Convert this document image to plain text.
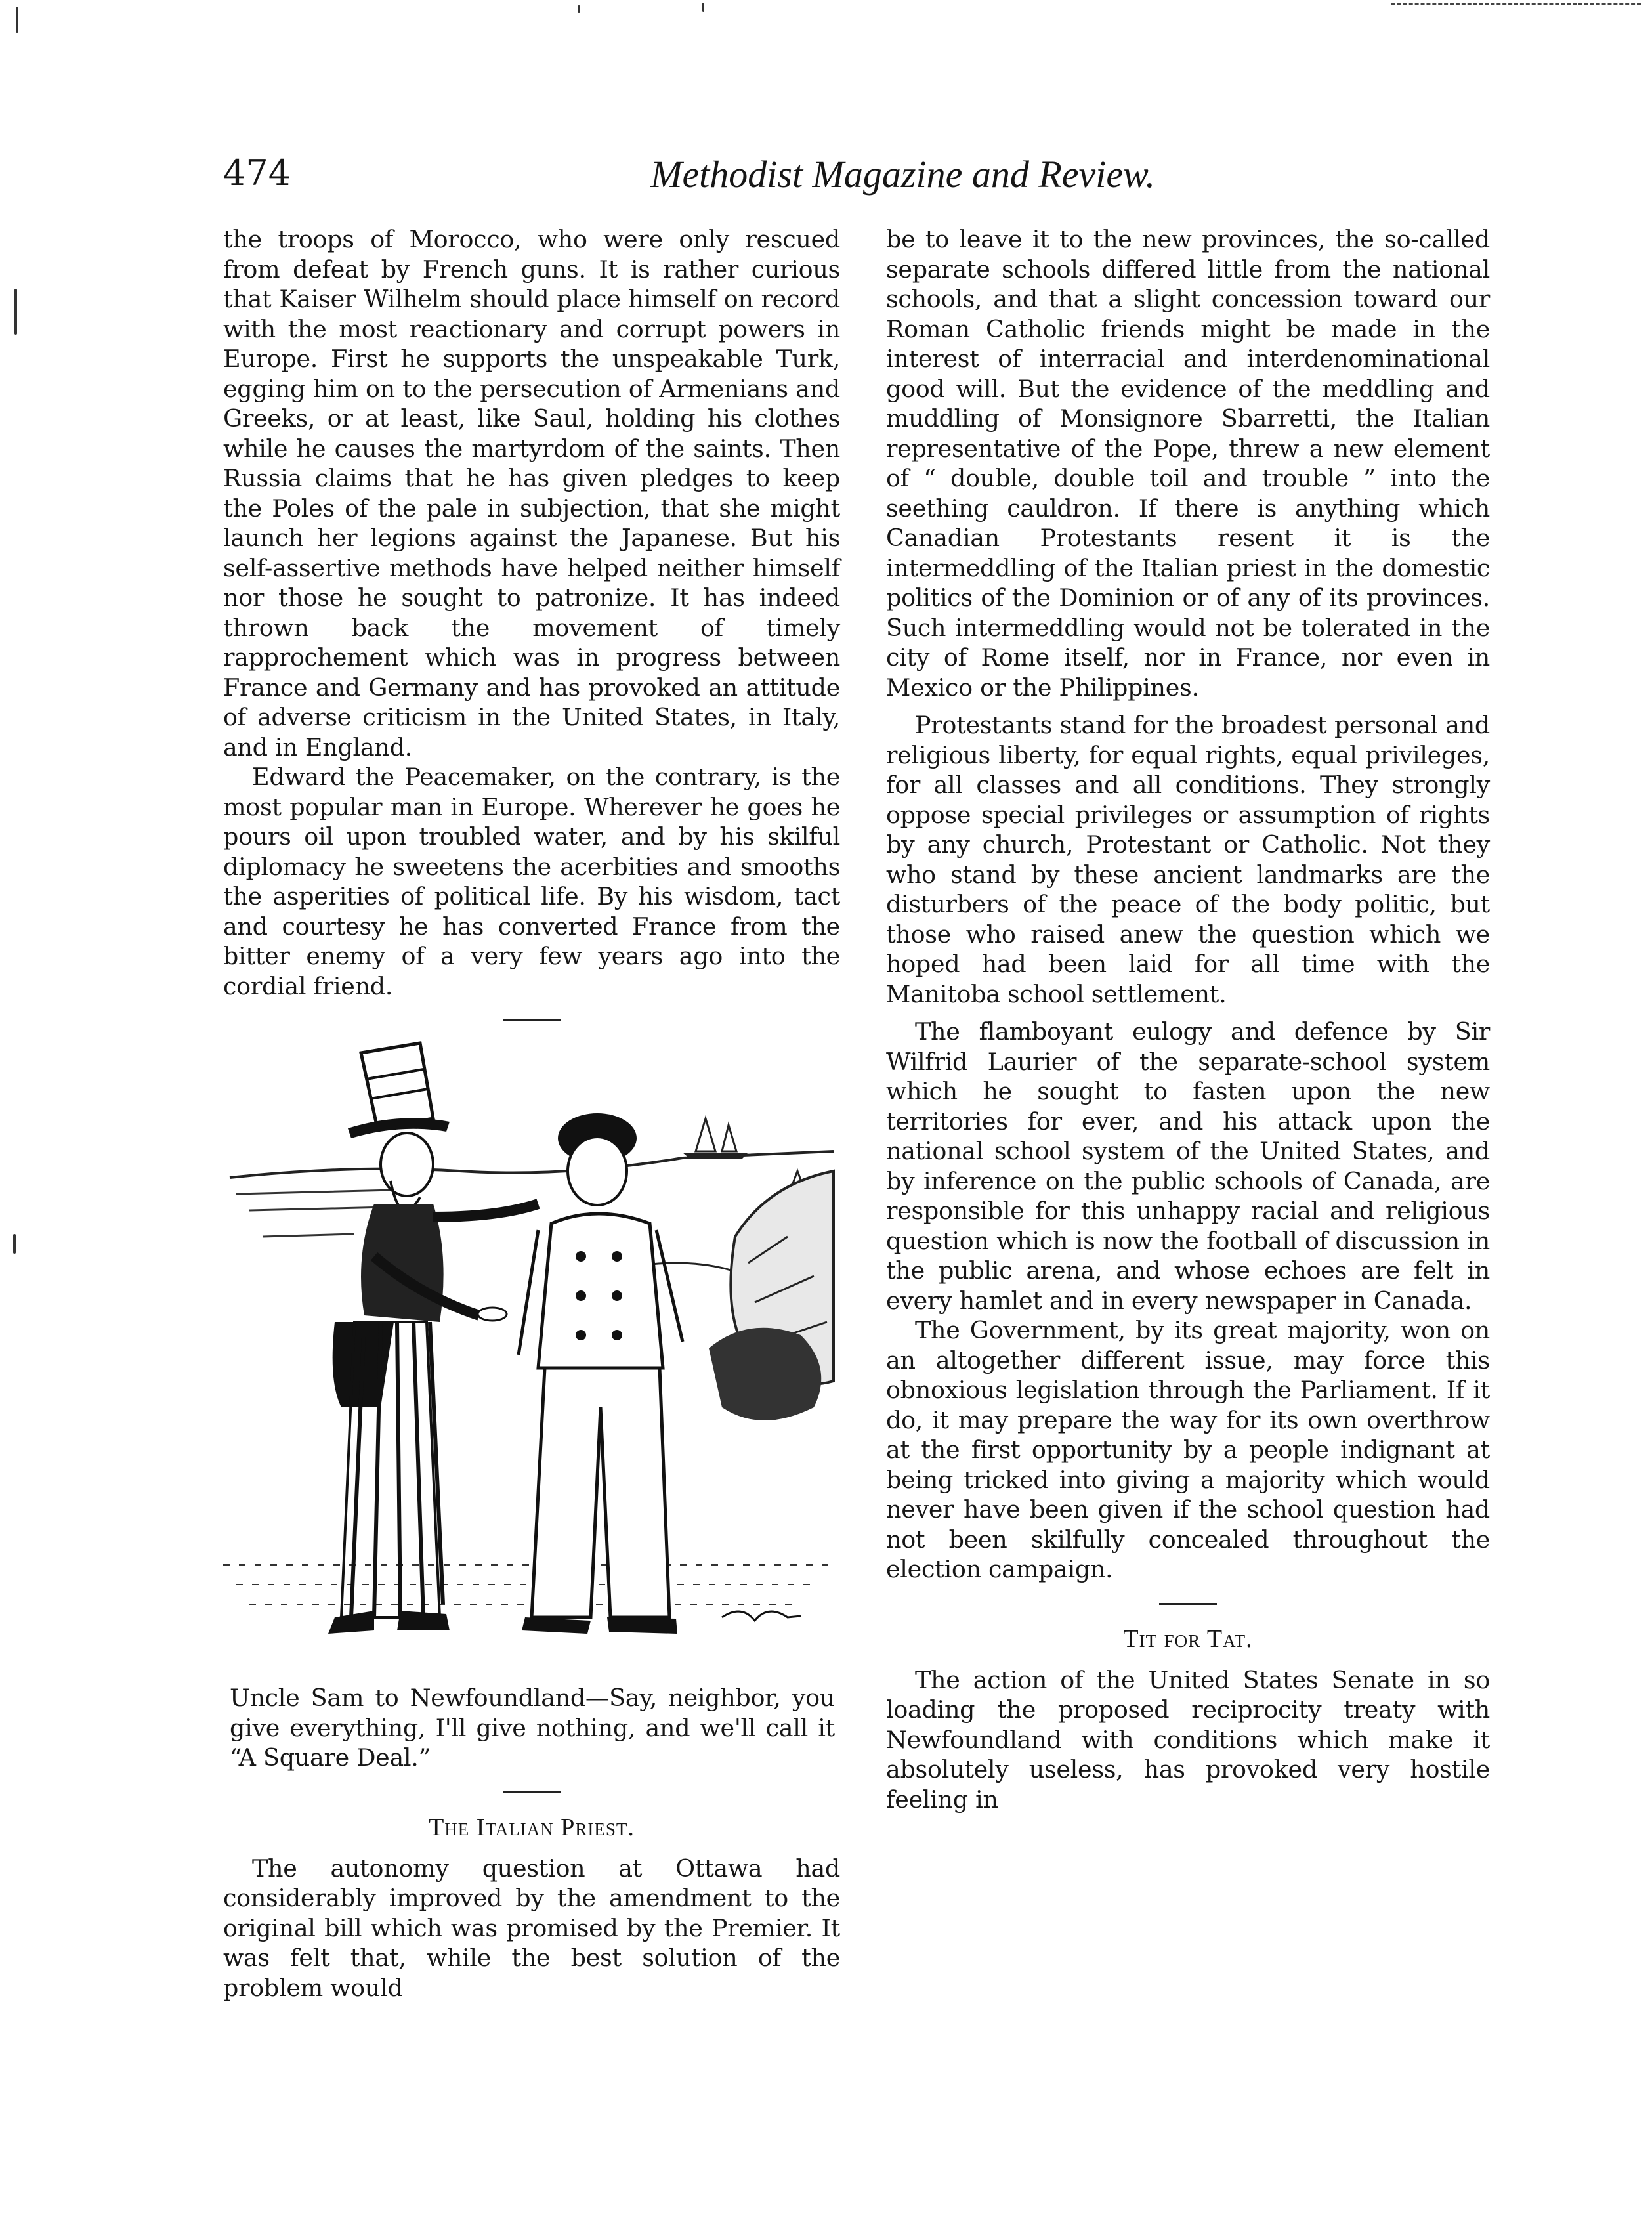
474	Methodist Magazine and Review.

the troops of Morocco, who were only rescued from defeat by French guns. It is rather curious that Kaiser Wilhelm should place himself on record with the most reactionary and corrupt powers in Europe. First he supports the unspeakable Turk, egging him on to the persecution of Armenians and Greeks, or at least, like Saul, holding his clothes while he causes the martyrdom of the saints. Then Russia claims that he has given pledges to keep the Poles of the pale in subjection, that she might launch her legions against the Japanese. But his self-assertive methods have helped neither himself nor those he sought to patronize. It has indeed thrown back the movement of timely rapprochement which was in progress between France and Germany and has provoked an attitude of adverse criticism in the United States, in Italy, and in England.

Edward the Peacemaker, on the contrary, is the most popular man in Europe. Wherever he goes he pours oil upon troubled water, and by his skilful diplomacy he sweetens the acerbities and smooths the asperities of political life. By his wisdom, tact and courtesy he has converted France from the bitter enemy of a very few years ago into the cordial friend.

Uncle Sam to Newfoundland—Say, neighbor, you give everything, I'll give nothing, and we'll call it “A Square Deal.”

The Italian Priest.

The autonomy question at Ottawa had considerably improved by the amendment to the original bill which was promised by the Premier. It was felt that, while the best solution of the problem would

be to leave it to the new provinces, the so-called separate schools differed little from the national schools, and that a slight concession toward our Roman Catholic friends might be made in the interest of interracial and interdenominational good will. But the evidence of the meddling and muddling of Monsignore Sbarretti, the Italian representative of the Pope, threw a new element of “ double, double toil and trouble ” into the seething cauldron. If there is anything which Canadian Protestants resent it is the intermeddling of the Italian priest in the domestic politics of the Dominion or of any of its provinces. Such intermeddling would not be tolerated in the city of Rome itself, nor in France, nor even in Mexico or the Philippines.

Protestants stand for the broadest personal and religious liberty, for equal rights, equal privileges, for all classes and all conditions. They strongly oppose special privileges or assumption of rights by any church, Protestant or Catholic. Not they who stand by these ancient landmarks are the disturbers of the peace of the body politic, but those who raised anew the question which we hoped had been laid for all time with the Manitoba school settlement.

The flamboyant eulogy and defence by Sir Wilfrid Laurier of the separate-school system which he sought to fasten upon the new territories for ever, and his attack upon the national school system of the United States, and by inference on the public schools of Canada, are responsible for this unhappy racial and religious question which is now the football of discussion in the public arena, and whose echoes are felt in every hamlet and in every newspaper in Canada.

The Government, by its great majority, won on an altogether different issue, may force this obnoxious legislation through the Parliament. If it do, it may prepare the way for its own overthrow at the first opportunity by a people indignant at being tricked into giving a majority which would never have been given if the school question had not been skilfully concealed throughout the election campaign.

Tit for Tat.

The action of the United States Senate in so loading the proposed reciprocity treaty with Newfoundland with conditions which make it absolutely useless, has provoked very hostile feeling in
